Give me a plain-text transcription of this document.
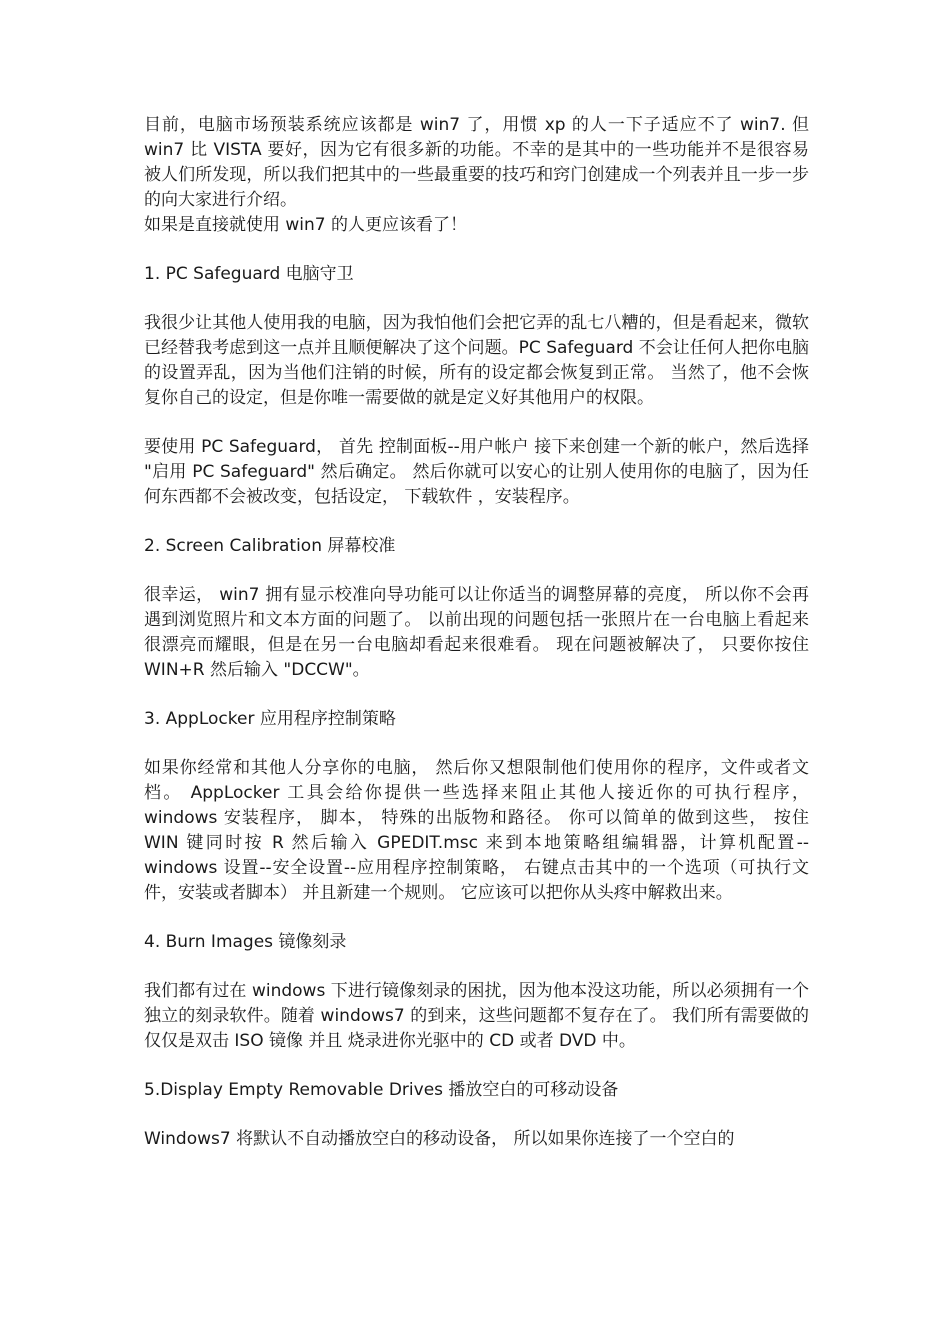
目前，电脑市场预装系统应该都是 win7 了，用惯 xp 的人一下子适应不了 win7. 但 win7 比 VISTA 要好，因为它有很多新的功能。不幸的是其中的一些功能并不是很容易被人们所发现，所以我们把其中的一些最重要的技巧和窍门创建成一个列表并且一步一步的向大家进行介绍。

如果是直接就使用 win7 的人更应该看了！

1. PC Safeguard 电脑守卫

我很少让其他人使用我的电脑，因为我怕他们会把它弄的乱七八糟的，但是看起来，微软已经替我考虑到这一点并且顺便解决了这个问题。PC Safeguard 不会让任何人把你电脑的设置弄乱，因为当他们注销的时候，所有的设定都会恢复到正常。 当然了，他不会恢复你自己的设定，但是你唯一需要做的就是定义好其他用户的权限。

要使用 PC Safeguard， 首先 控制面板--用户帐户 接下来创建一个新的帐户，然后选择 "启用 PC Safeguard" 然后确定。 然后你就可以安心的让别人使用你的电脑了，因为任何东西都不会被改变，包括设定， 下载软件 ，安装程序。

2. Screen Calibration 屏幕校准

很幸运， win7 拥有显示校准向导功能可以让你适当的调整屏幕的亮度， 所以你不会再遇到浏览照片和文本方面的问题了。 以前出现的问题包括一张照片在一台电脑上看起来很漂亮而耀眼，但是在另一台电脑却看起来很难看。 现在问题被解决了， 只要你按住 WIN+R 然后输入 "DCCW"。

3. AppLocker 应用程序控制策略

如果你经常和其他人分享你的电脑， 然后你又想限制他们使用你的程序，文件或者文档。 AppLocker 工具会给你提供一些选择来阻止其他人接近你的可执行程序，windows 安装程序， 脚本， 特殊的出版物和路径。 你可以简单的做到这些， 按住 WIN 键同时按 R 然后输入 GPEDIT.msc 来到本地策略组编辑器，计算机配置--windows 设置--安全设置--应用程序控制策略， 右键点击其中的一个选项（可执行文件，安装或者脚本） 并且新建一个规则。 它应该可以把你从头疼中解救出来。

4. Burn Images 镜像刻录

我们都有过在 windows 下进行镜像刻录的困扰，因为他本没这功能，所以必须拥有一个独立的刻录软件。随着 windows7 的到来，这些问题都不复存在了。 我们所有需要做的仅仅是双击 ISO 镜像 并且 烧录进你光驱中的 CD 或者 DVD 中。

5.Display Empty Removable Drives 播放空白的可移动设备

Windows7 将默认不自动播放空白的移动设备， 所以如果你连接了一个空白的
